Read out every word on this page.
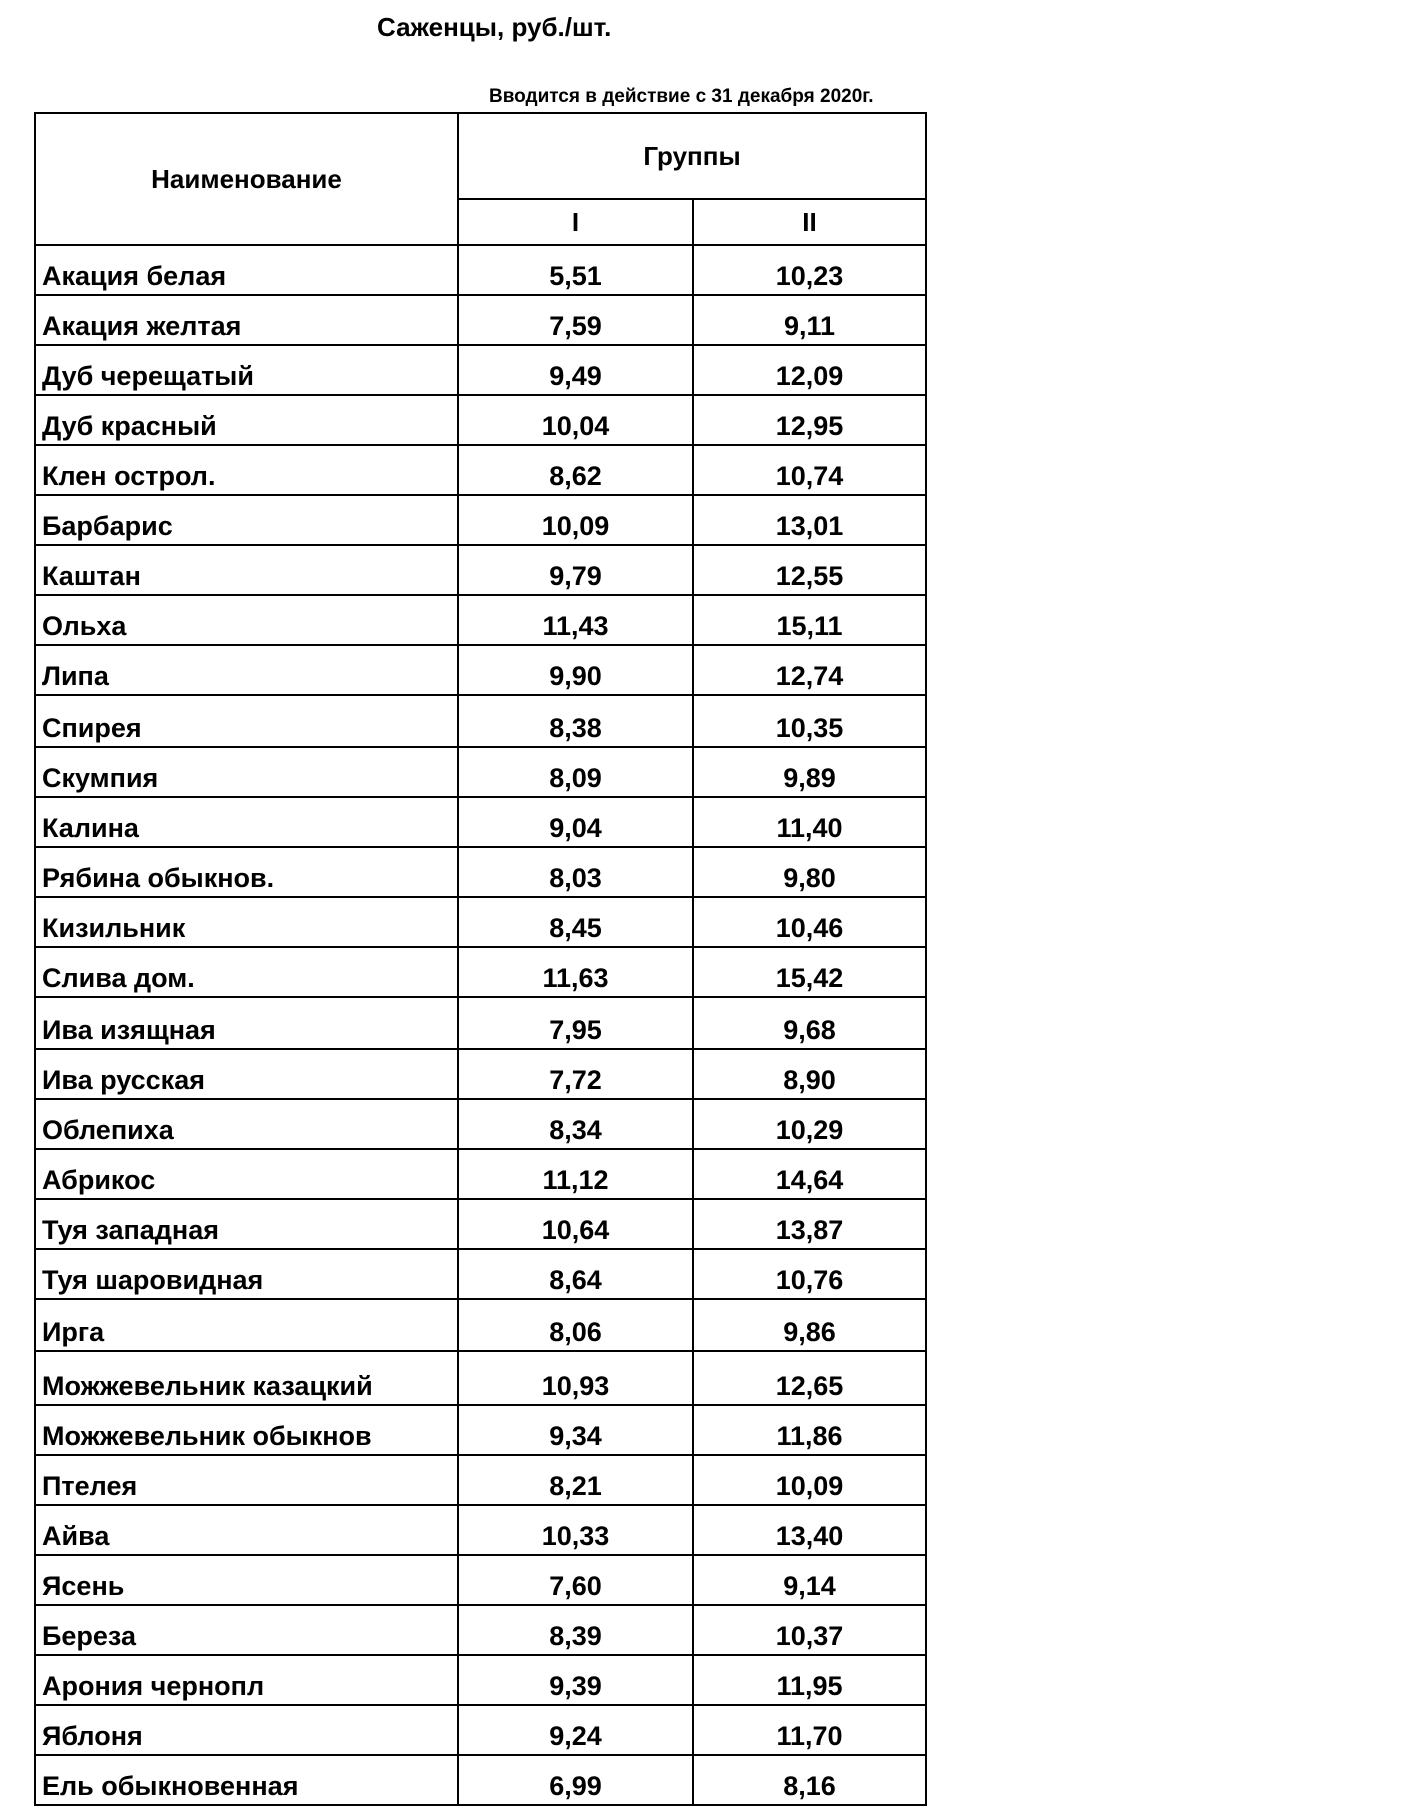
Саженцы, руб./шт.
Вводится в действие с 31 декабря 2020г.
Наименование	Группы	
	I	II
Акация белая	5,51	10,23
Акация желтая	7,59	9,11
Дуб черещатый	9,49	12,09
Дуб красный	10,04	12,95
Клен острол.	8,62	10,74
Барбарис	10,09	13,01
Каштан	9,79	12,55
Ольха	11,43	15,11
Липа	9,90	12,74
Спирея	8,38	10,35
Скумпия	8,09	9,89
Калина	9,04	11,40
Рябина обыкнов.	8,03	9,80
Кизильник	8,45	10,46
Слива дом.	11,63	15,42
Ива изящная	7,95	9,68
Ива русская	7,72	8,90
Облепиха	8,34	10,29
Абрикос	11,12	14,64
Туя западная	10,64	13,87
Туя шаровидная	8,64	10,76
Ирга	8,06	9,86
Можжевельник казацкий	10,93	12,65
Можжевельник обыкнов	9,34	11,86
Птелея	8,21	10,09
Айва	10,33	13,40
Ясень	7,60	9,14
Береза	8,39	10,37
Арония чернопл	9,39	11,95
Яблоня	9,24	11,70
Ель обыкновенная	6,99	8,16
